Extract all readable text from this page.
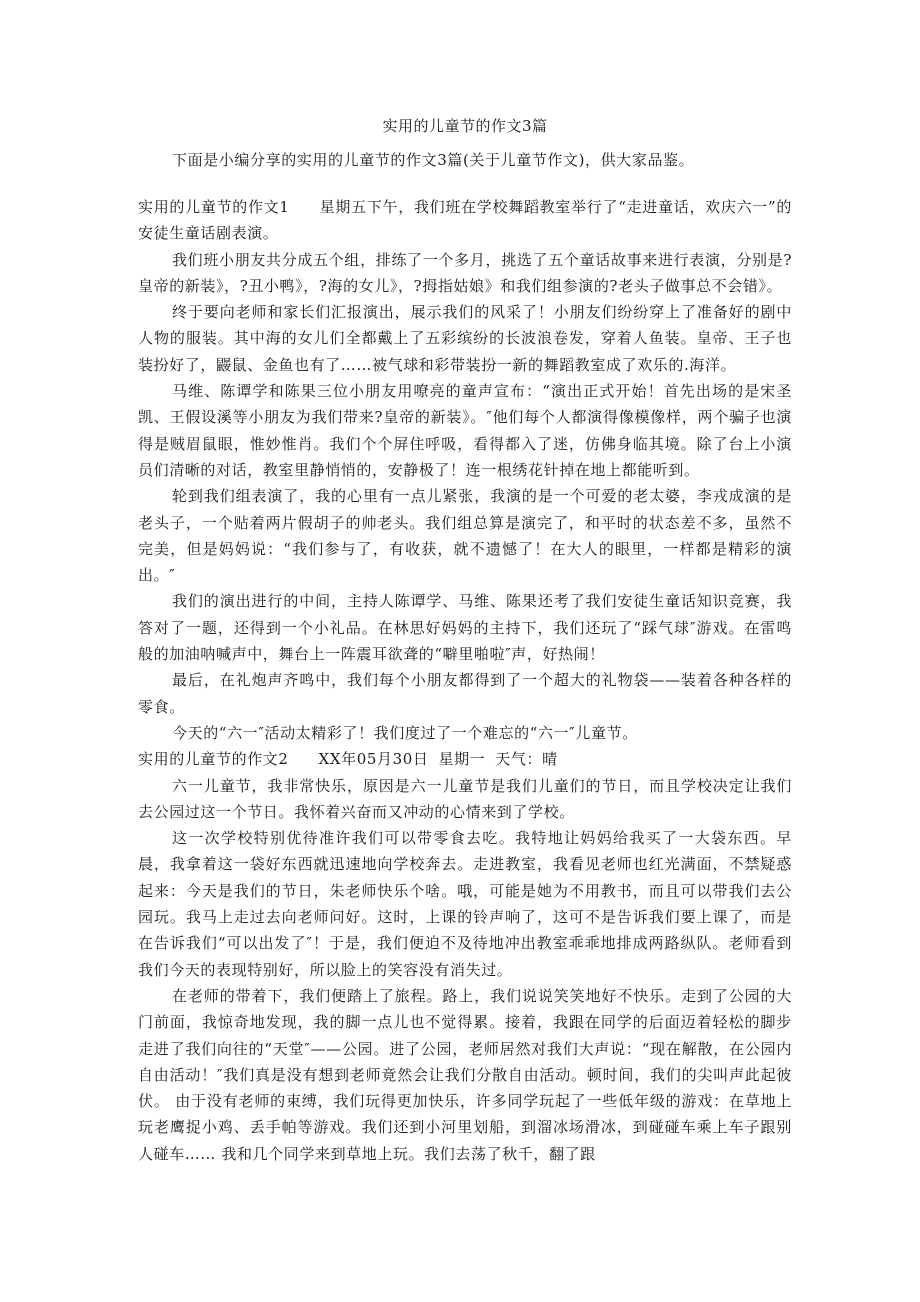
实用的儿童节的作文3篇

下面是小编分享的实用的儿童节的作文3篇(关于儿童节作文)，供大家品鉴。

实用的儿童节的作文1 星期五下午，我们班在学校舞蹈教室举行了“走进童话，欢庆六一”的安徒生童话剧表演。

我们班小朋友共分成五个组，排练了一个多月，挑选了五个童话故事来进行表演，分别是?皇帝的新装》，?丑小鸭》，?海的女儿》，?拇指姑娘》和我们组参演的?老头子做事总不会错》。

终于要向老师和家长们汇报演出，展示我们的风采了！小朋友们纷纷穿上了准备好的剧中人物的服装。其中海的女儿们全都戴上了五彩缤纷的长波浪卷发，穿着人鱼装。皇帝、王子也装扮好了，鼹鼠、金鱼也有了……被气球和彩带装扮一新的舞蹈教室成了欢乐的.海洋。

马维、陈谭学和陈果三位小朋友用嘹亮的童声宣布：“演出正式开始！首先出场的是宋圣凯、王假设溪等小朋友为我们带来?皇帝的新装》。″他们每个人都演得像模像样，两个骗子也演得是贼眉鼠眼，惟妙惟肖。我们个个屏住呼吸，看得都入了迷，仿佛身临其境。除了台上小演员们清晰的对话，教室里静悄悄的，安静极了！连一根绣花针掉在地上都能听到。

轮到我们组表演了，我的心里有一点儿紧张，我演的是一个可爱的老太婆，李戎成演的是老头子，一个贴着两片假胡子的帅老头。我们组总算是演完了，和平时的状态差不多，虽然不完美，但是妈妈说：“我们参与了，有收获，就不遗憾了！在大人的眼里，一样都是精彩的演出。″

我们的演出进行的中间，主持人陈谭学、马维、陈果还考了我们安徒生童话知识竞赛，我答对了一题，还得到一个小礼品。在林思好妈妈的主持下，我们还玩了“踩气球″游戏。在雷鸣般的加油呐喊声中，舞台上一阵震耳欲聋的“噼里啪啦″声，好热闹！

最后，在礼炮声齐鸣中，我们每个小朋友都得到了一个超大的礼物袋——装着各种各样的零食。

今天的“六一″活动太精彩了！我们度过了一个难忘的“六一″儿童节。

实用的儿童节的作文2 XX年05月30日 星期一 天气：晴

六一儿童节，我非常快乐，原因是六一儿童节是我们儿童们的节日，而且学校决定让我们去公园过这一个节日。我怀着兴奋而又冲动的心情来到了学校。

这一次学校特别优待准许我们可以带零食去吃。我特地让妈妈给我买了一大袋东西。早晨，我拿着这一袋好东西就迅速地向学校奔去。走进教室，我看见老师也红光满面，不禁疑惑起来：今天是我们的节日，朱老师快乐个啥。哦，可能是她为不用教书，而且可以带我们去公园玩。我马上走过去向老师问好。这时，上课的铃声响了，这可不是告诉我们要上课了，而是在告诉我们“可以出发了″！于是，我们便迫不及待地冲出教室乖乖地排成两路纵队。老师看到我们今天的表现特别好，所以脸上的笑容没有消失过。

在老师的带着下，我们便踏上了旅程。路上，我们说说笑笑地好不快乐。走到了公园的大门前面，我惊奇地发现，我的脚一点儿也不觉得累。接着，我跟在同学的后面迈着轻松的脚步走进了我们向往的“天堂″——公园。进了公园，老师居然对我们大声说：“现在解散，在公园内自由活动！″我们真是没有想到老师竟然会让我们分散自由活动。顿时间，我们的尖叫声此起彼伏。 由于没有老师的束缚，我们玩得更加快乐，许多同学玩起了一些低年级的游戏：在草地上玩老鹰捉小鸡、丢手帕等游戏。我们还到小河里划船，到溜冰场滑冰，到碰碰车乘上车子跟别人碰车…… 我和几个同学来到草地上玩。我们去荡了秋千，翻了跟
